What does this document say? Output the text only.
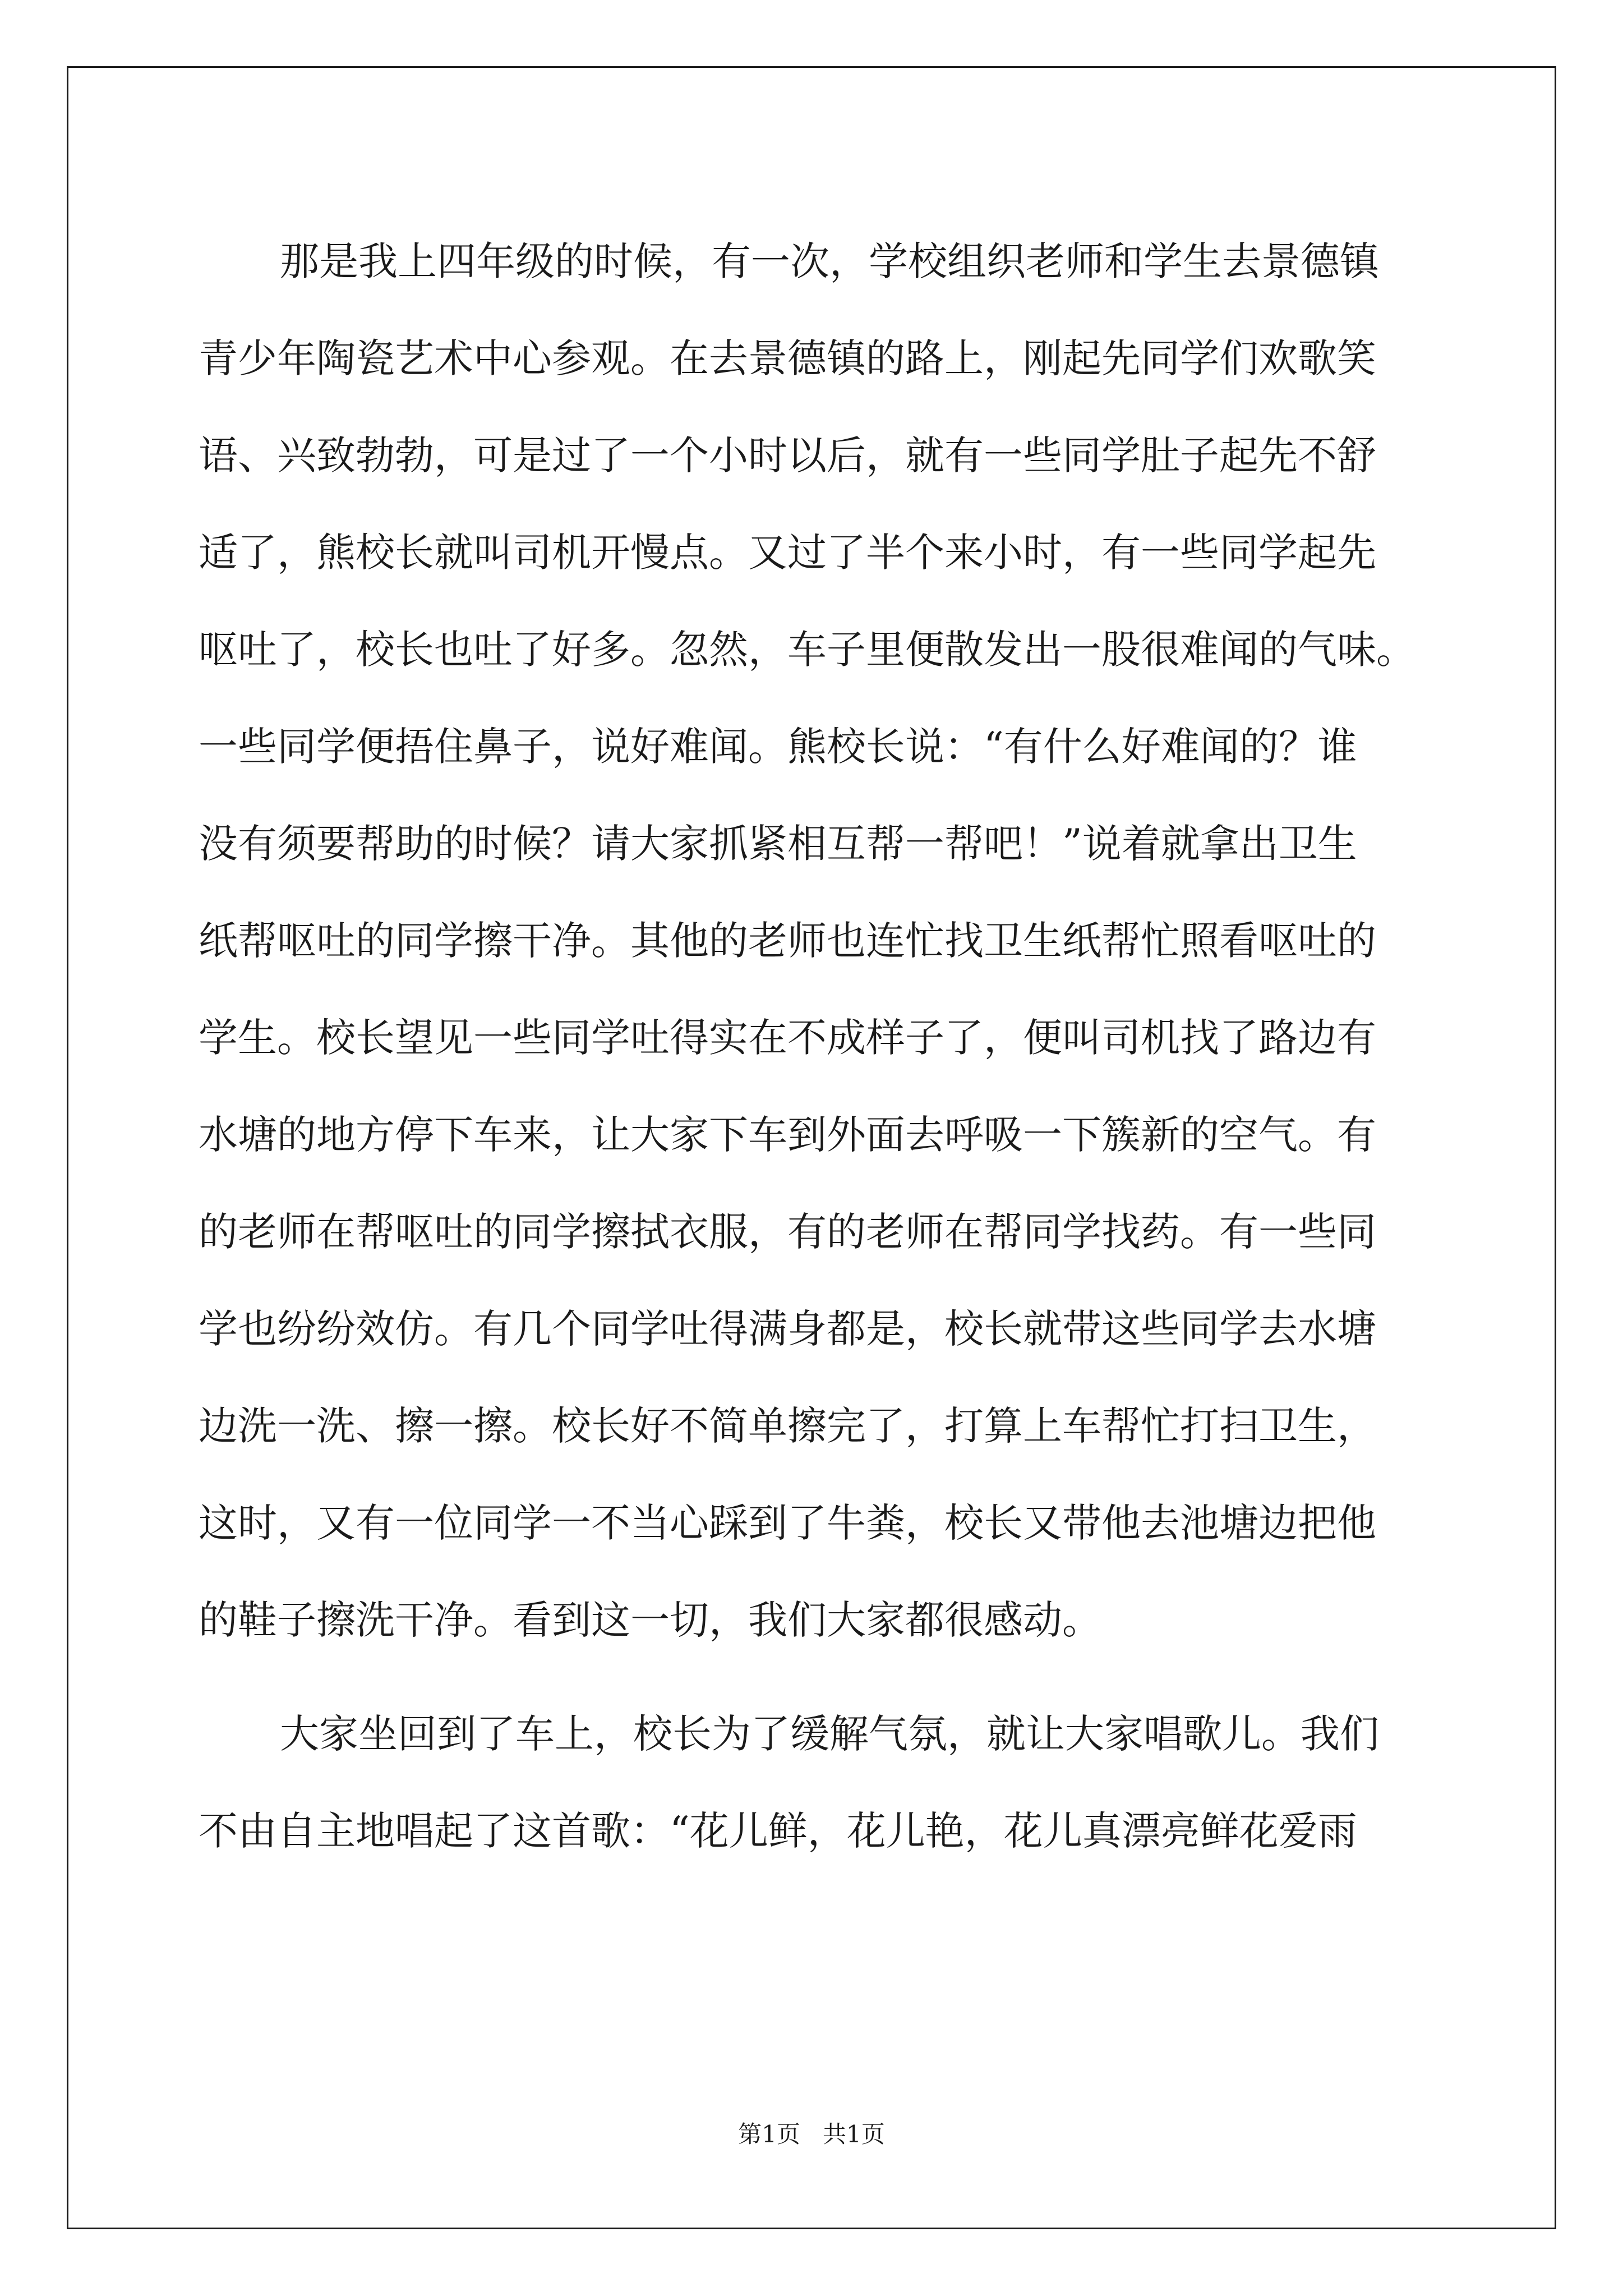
那是我上四年级的时候，有一次，学校组织老师和学生去景德镇
青少年陶瓷艺术中心参观。在去景德镇的路上，刚起先同学们欢歌笑
语、兴致勃勃，可是过了一个小时以后，就有一些同学肚子起先不舒
适了，熊校长就叫司机开慢点。又过了半个来小时，有一些同学起先
呕吐了，校长也吐了好多。忽然，车子里便散发出一股很难闻的气味。
一些同学便捂住鼻子，说好难闻。熊校长说：“有什么好难闻的？谁
没有须要帮助的时候？请大家抓紧相互帮一帮吧！”说着就拿出卫生
纸帮呕吐的同学擦干净。其他的老师也连忙找卫生纸帮忙照看呕吐的
学生。校长望见一些同学吐得实在不成样子了，便叫司机找了路边有
水塘的地方停下车来，让大家下车到外面去呼吸一下簇新的空气。有
的老师在帮呕吐的同学擦拭衣服，有的老师在帮同学找药。有一些同
学也纷纷效仿。有几个同学吐得满身都是，校长就带这些同学去水塘
边洗一洗、擦一擦。校长好不简单擦完了，打算上车帮忙打扫卫生，
这时，又有一位同学一不当心踩到了牛粪，校长又带他去池塘边把他
的鞋子擦洗干净。看到这一切，我们大家都很感动。
大家坐回到了车上，校长为了缓解气氛，就让大家唱歌儿。我们
不由自主地唱起了这首歌：“花儿鲜，花儿艳，花儿真漂亮鲜花爱雨
第1页 共1页
